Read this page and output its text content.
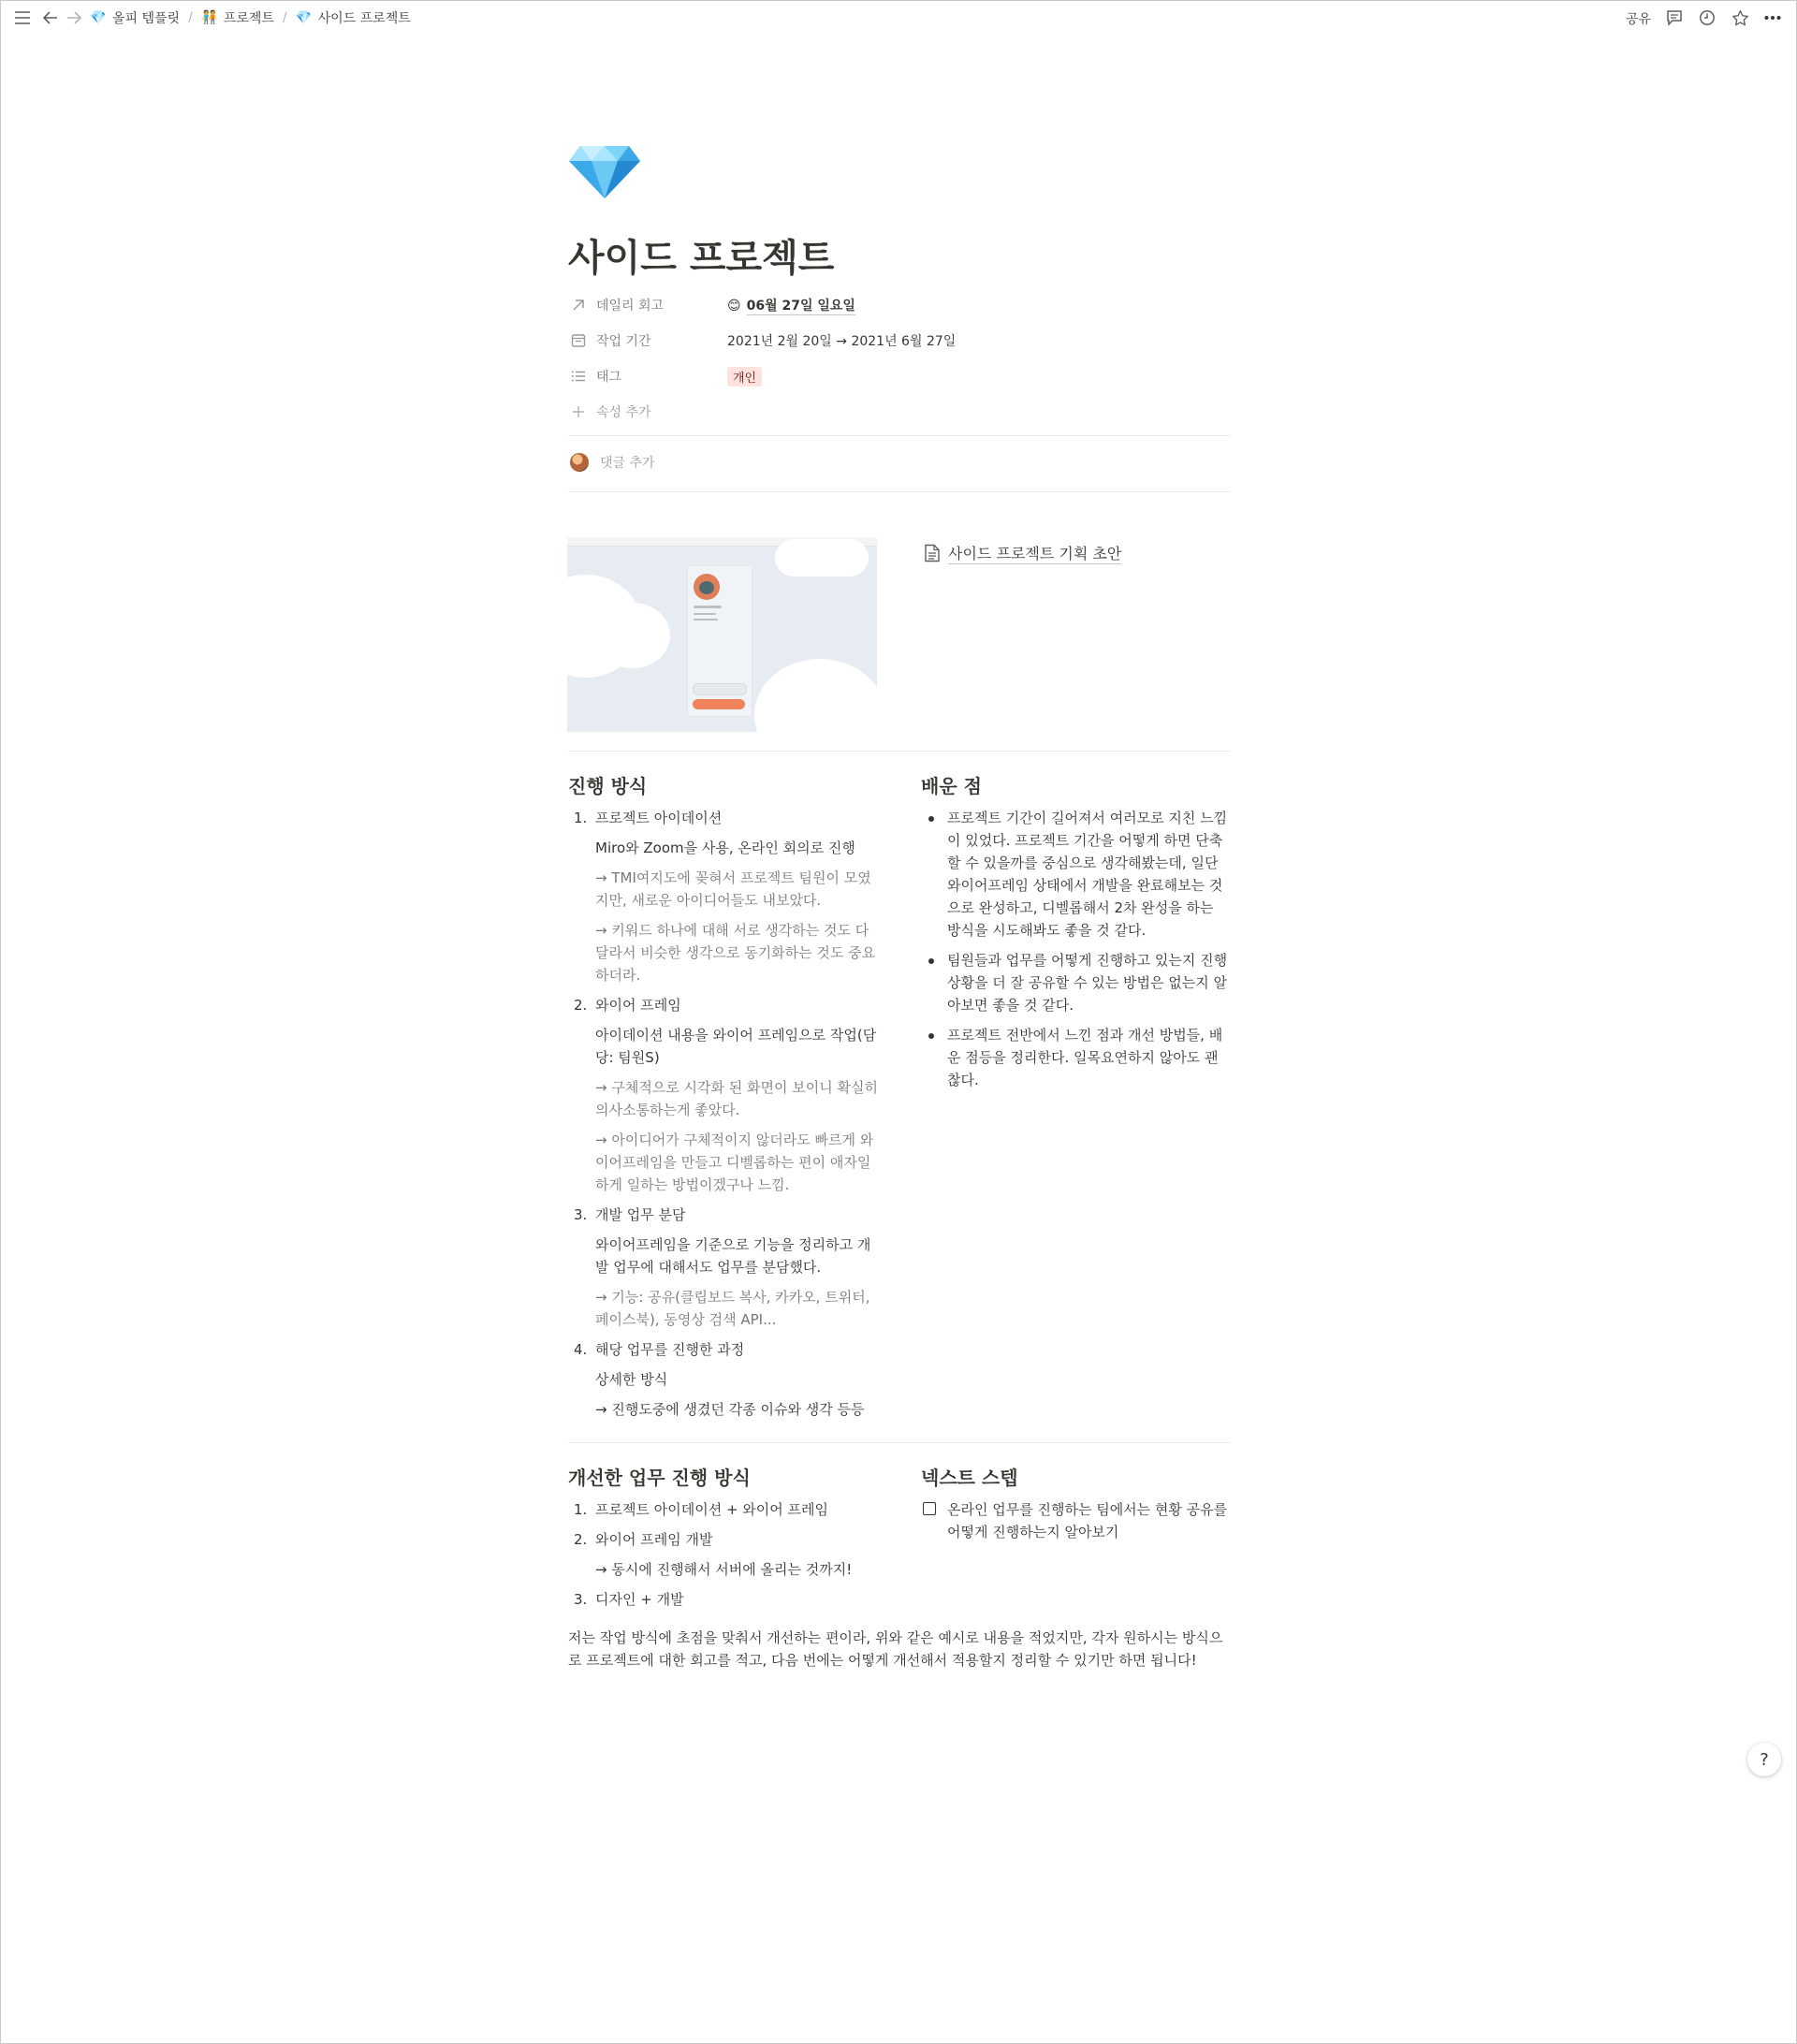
💎 올피 템플릿 / 🧑‍🤝‍🧑 프로젝트 / 💎 사이드 프로젝트	공유
사이드 프로젝트
데일리 회고	😊 06월 27일 일요일
작업 기간	2021년 2월 20일 → 2021년 6월 27일
태그	개인
속성 추가
댓글 추가
사이드 프로젝트 기획 초안
진행 방식
1. 프로젝트 아이데이션
Miro와 Zoom을 사용, 온라인 회의로 진행
→ TMI여지도에 꽂혀서 프로젝트 팀원이 모였지만, 새로운 아이디어들도 내보았다.
→ 키워드 하나에 대해 서로 생각하는 것도 다 달라서 비슷한 생각으로 동기화하는 것도 중요하더라.
2. 와이어 프레임
아이데이션 내용을 와이어 프레임으로 작업(담당: 팀원S)
→ 구체적으로 시각화 된 화면이 보이니 확실히 의사소통하는게 좋았다.
→ 아이디어가 구체적이지 않더라도 빠르게 와이어프레임을 만들고 디벨롭하는 편이 애자일하게 일하는 방법이겠구나 느낌.
3. 개발 업무 분담
와이어프레임을 기준으로 기능을 정리하고 개발 업무에 대해서도 업무를 분담했다.
→ 기능: 공유(클립보드 복사, 카카오, 트위터, 페이스북), 동영상 검색 API...
4. 해당 업무를 진행한 과정
상세한 방식
→ 진행도중에 생겼던 각종 이슈와 생각 등등
배운 점
프로젝트 기간이 길어져서 여러모로 지친 느낌이 있었다. 프로젝트 기간을 어떻게 하면 단축할 수 있을까를 중심으로 생각해봤는데, 일단 와이어프레임 상태에서 개발을 완료해보는 것으로 완성하고, 디벨롭해서 2차 완성을 하는 방식을 시도해봐도 좋을 것 같다.
팀원들과 업무를 어떻게 진행하고 있는지 진행상황을 더 잘 공유할 수 있는 방법은 없는지 알아보면 좋을 것 같다.
프로젝트 전반에서 느낀 점과 개선 방법들, 배운 점등을 정리한다. 일목요연하지 않아도 괜찮다.
개선한 업무 진행 방식
1. 프로젝트 아이데이션 + 와이어 프레임
2. 와이어 프레임 개발
→ 동시에 진행해서 서버에 올리는 것까지!
3. 디자인 + 개발
넥스트 스텝
온라인 업무를 진행하는 팀에서는 현황 공유를 어떻게 진행하는지 알아보기

저는 작업 방식에 초점을 맞춰서 개선하는 편이라, 위와 같은 예시로 내용을 적었지만, 각자 원하시는 방식으로 프로젝트에 대한 회고를 적고, 다음 번에는 어떻게 개선해서 적용할지 정리할 수 있기만 하면 됩니다!

?
